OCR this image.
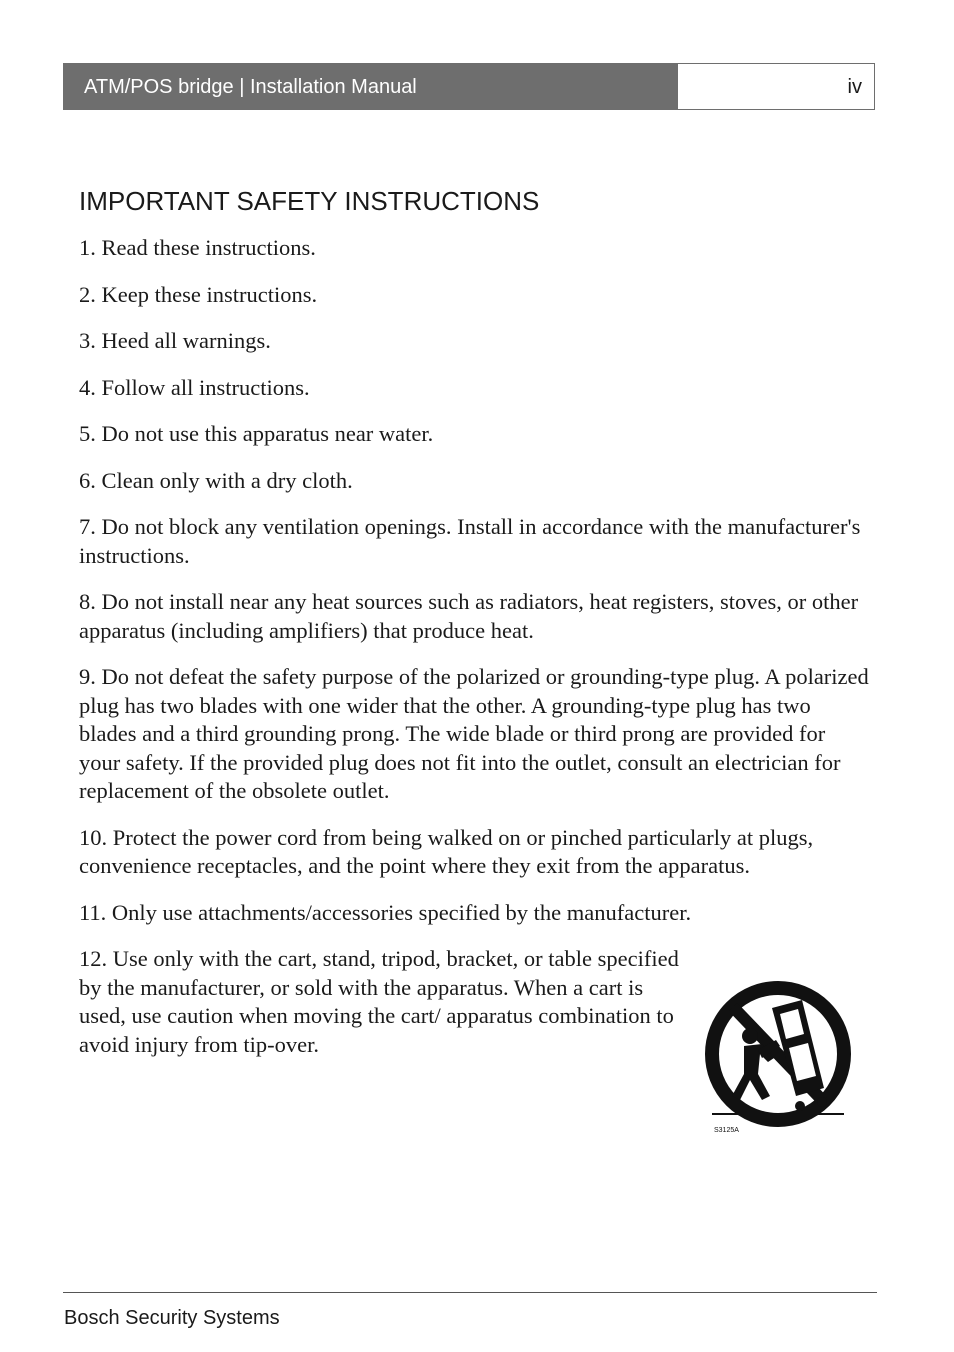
ATM/POS bridge | Installation Manual	iv
IMPORTANT SAFETY INSTRUCTIONS

1. Read these instructions.

2. Keep these instructions.

3. Heed all warnings.

4. Follow all instructions.

5. Do not use this apparatus near water.

6. Clean only with a dry cloth.

7. Do not block any ventilation openings. Install in accordance with the manufacturer's instructions.

8. Do not install near any heat sources such as radiators, heat registers, stoves, or other apparatus (including amplifiers) that produce heat.

9. Do not defeat the safety purpose of the polarized or grounding-type plug. A polarized plug has two blades with one wider that the other. A grounding-type plug has two blades and a third grounding prong. The wide blade or third prong are provided for your safety. If the provided plug does not fit into the outlet, consult an electrician for replacement of the obsolete outlet.

10. Protect the power cord from being walked on or pinched particularly at plugs, convenience receptacles, and the point where they exit from the apparatus.

11. Only use attachments/accessories specified by the manufacturer.

12. Use only with the cart, stand, tripod, bracket, or table specified by the manufacturer, or sold with the apparatus. When a cart is used, use caution when moving the cart/ apparatus combination to avoid injury from tip-over.

S3125A
Bosch Security Systems
